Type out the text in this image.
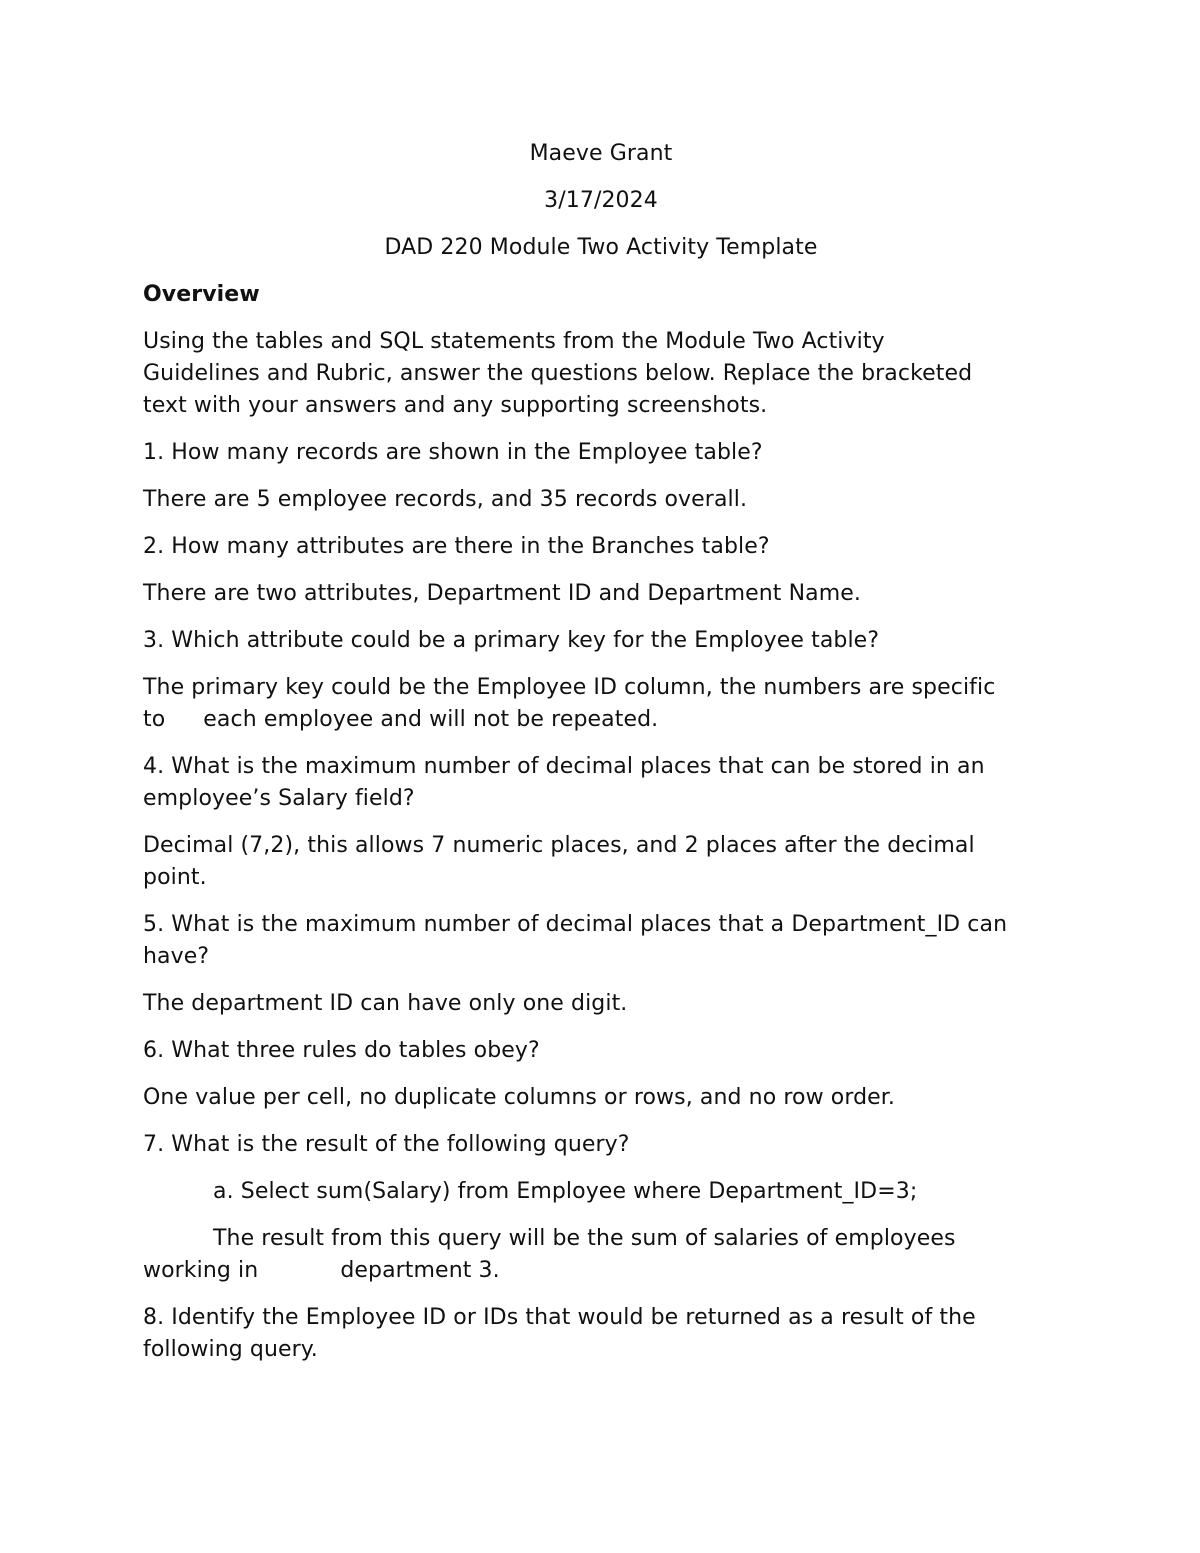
Maeve Grant
3/17/2024
DAD 220 Module Two Activity Template
Overview
Using the tables and SQL statements from the Module Two Activity
Guidelines and Rubric, answer the questions below. Replace the bracketed
text with your answers and any supporting screenshots.
1. How many records are shown in the Employee table?
There are 5 employee records, and 35 records overall.
2. How many attributes are there in the Branches table?
There are two attributes, Department ID and Department Name.
3. Which attribute could be a primary key for the Employee table?
The primary key could be the Employee ID column, the numbers are specific
to each employee and will not be repeated.
4. What is the maximum number of decimal places that can be stored in an
employee’s Salary field?
Decimal (7,2), this allows 7 numeric places, and 2 places after the decimal
point.
5. What is the maximum number of decimal places that a Department_ID can
have?
The department ID can have only one digit.
6. What three rules do tables obey?
One value per cell, no duplicate columns or rows, and no row order.
7. What is the result of the following query?
a. Select sum(Salary) from Employee where Department_ID=3;
The result from this query will be the sum of salaries of employees
working in	department 3.
8. Identify the Employee ID or IDs that would be returned as a result of the
following query.
